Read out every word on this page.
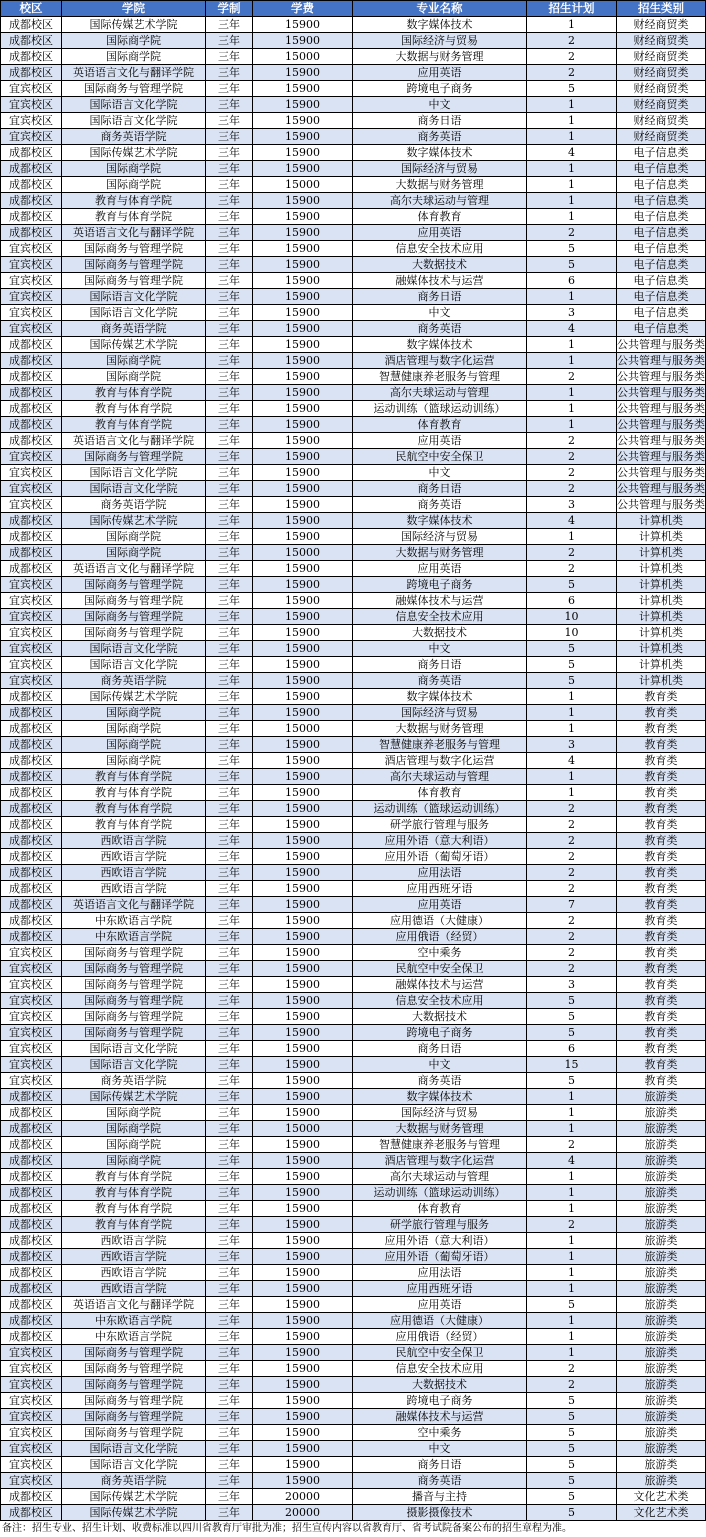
校区	学院	学制	学费	专业名称	招生计划	招生类别
成都校区	国际传媒艺术学院	三年	15900	数字媒体技术	1	财经商贸类
成都校区	国际商学院	三年	15900	国际经济与贸易	2	财经商贸类
成都校区	国际商学院	三年	15000	大数据与财务管理	2	财经商贸类
成都校区	英语语言文化与翻译学院	三年	15900	应用英语	2	财经商贸类
宜宾校区	国际商务与管理学院	三年	15900	跨境电子商务	5	财经商贸类
宜宾校区	国际语言文化学院	三年	15900	中文	1	财经商贸类
宜宾校区	国际语言文化学院	三年	15900	商务日语	1	财经商贸类
宜宾校区	商务英语学院	三年	15900	商务英语	1	财经商贸类
成都校区	国际传媒艺术学院	三年	15900	数字媒体技术	4	电子信息类
成都校区	国际商学院	三年	15900	国际经济与贸易	1	电子信息类
成都校区	国际商学院	三年	15000	大数据与财务管理	1	电子信息类
成都校区	教育与体育学院	三年	15900	高尔夫球运动与管理	1	电子信息类
成都校区	教育与体育学院	三年	15900	体育教育	1	电子信息类
成都校区	英语语言文化与翻译学院	三年	15900	应用英语	2	电子信息类
宜宾校区	国际商务与管理学院	三年	15900	信息安全技术应用	5	电子信息类
宜宾校区	国际商务与管理学院	三年	15900	大数据技术	5	电子信息类
宜宾校区	国际商务与管理学院	三年	15900	融媒体技术与运营	6	电子信息类
宜宾校区	国际语言文化学院	三年	15900	商务日语	1	电子信息类
宜宾校区	国际语言文化学院	三年	15900	中文	3	电子信息类
宜宾校区	商务英语学院	三年	15900	商务英语	4	电子信息类
成都校区	国际传媒艺术学院	三年	15900	数字媒体技术	1	公共管理与服务类
成都校区	国际商学院	三年	15900	酒店管理与数字化运营	1	公共管理与服务类
成都校区	国际商学院	三年	15900	智慧健康养老服务与管理	2	公共管理与服务类
成都校区	教育与体育学院	三年	15900	高尔夫球运动与管理	1	公共管理与服务类
成都校区	教育与体育学院	三年	15900	运动训练（篮球运动训练）	1	公共管理与服务类
成都校区	教育与体育学院	三年	15900	体育教育	1	公共管理与服务类
成都校区	英语语言文化与翻译学院	三年	15900	应用英语	2	公共管理与服务类
宜宾校区	国际商务与管理学院	三年	15900	民航空中安全保卫	2	公共管理与服务类
宜宾校区	国际语言文化学院	三年	15900	中文	2	公共管理与服务类
宜宾校区	国际语言文化学院	三年	15900	商务日语	2	公共管理与服务类
宜宾校区	商务英语学院	三年	15900	商务英语	3	公共管理与服务类
成都校区	国际传媒艺术学院	三年	15900	数字媒体技术	4	计算机类
成都校区	国际商学院	三年	15900	国际经济与贸易	1	计算机类
成都校区	国际商学院	三年	15000	大数据与财务管理	2	计算机类
成都校区	英语语言文化与翻译学院	三年	15900	应用英语	2	计算机类
宜宾校区	国际商务与管理学院	三年	15900	跨境电子商务	5	计算机类
宜宾校区	国际商务与管理学院	三年	15900	融媒体技术与运营	6	计算机类
宜宾校区	国际商务与管理学院	三年	15900	信息安全技术应用	10	计算机类
宜宾校区	国际商务与管理学院	三年	15900	大数据技术	10	计算机类
宜宾校区	国际语言文化学院	三年	15900	中文	5	计算机类
宜宾校区	国际语言文化学院	三年	15900	商务日语	5	计算机类
宜宾校区	商务英语学院	三年	15900	商务英语	5	计算机类
成都校区	国际传媒艺术学院	三年	15900	数字媒体技术	1	教育类
成都校区	国际商学院	三年	15900	国际经济与贸易	1	教育类
成都校区	国际商学院	三年	15000	大数据与财务管理	1	教育类
成都校区	国际商学院	三年	15900	智慧健康养老服务与管理	3	教育类
成都校区	国际商学院	三年	15900	酒店管理与数字化运营	4	教育类
成都校区	教育与体育学院	三年	15900	高尔夫球运动与管理	1	教育类
成都校区	教育与体育学院	三年	15900	体育教育	1	教育类
成都校区	教育与体育学院	三年	15900	运动训练（篮球运动训练）	2	教育类
成都校区	教育与体育学院	三年	15900	研学旅行管理与服务	2	教育类
成都校区	西欧语言学院	三年	15900	应用外语（意大利语）	2	教育类
成都校区	西欧语言学院	三年	15900	应用外语（葡萄牙语）	2	教育类
成都校区	西欧语言学院	三年	15900	应用法语	2	教育类
成都校区	西欧语言学院	三年	15900	应用西班牙语	2	教育类
成都校区	英语语言文化与翻译学院	三年	15900	应用英语	7	教育类
成都校区	中东欧语言学院	三年	15900	应用德语（大健康）	2	教育类
成都校区	中东欧语言学院	三年	15900	应用俄语（经贸）	2	教育类
宜宾校区	国际商务与管理学院	三年	15900	空中乘务	2	教育类
宜宾校区	国际商务与管理学院	三年	15900	民航空中安全保卫	2	教育类
宜宾校区	国际商务与管理学院	三年	15900	融媒体技术与运营	3	教育类
宜宾校区	国际商务与管理学院	三年	15900	信息安全技术应用	5	教育类
宜宾校区	国际商务与管理学院	三年	15900	大数据技术	5	教育类
宜宾校区	国际商务与管理学院	三年	15900	跨境电子商务	5	教育类
宜宾校区	国际语言文化学院	三年	15900	商务日语	6	教育类
宜宾校区	国际语言文化学院	三年	15900	中文	15	教育类
宜宾校区	商务英语学院	三年	15900	商务英语	5	教育类
成都校区	国际传媒艺术学院	三年	15900	数字媒体技术	1	旅游类
成都校区	国际商学院	三年	15900	国际经济与贸易	1	旅游类
成都校区	国际商学院	三年	15000	大数据与财务管理	1	旅游类
成都校区	国际商学院	三年	15900	智慧健康养老服务与管理	2	旅游类
成都校区	国际商学院	三年	15900	酒店管理与数字化运营	4	旅游类
成都校区	教育与体育学院	三年	15900	高尔夫球运动与管理	1	旅游类
成都校区	教育与体育学院	三年	15900	运动训练（篮球运动训练）	1	旅游类
成都校区	教育与体育学院	三年	15900	体育教育	1	旅游类
成都校区	教育与体育学院	三年	15900	研学旅行管理与服务	2	旅游类
成都校区	西欧语言学院	三年	15900	应用外语（意大利语）	1	旅游类
成都校区	西欧语言学院	三年	15900	应用外语（葡萄牙语）	1	旅游类
成都校区	西欧语言学院	三年	15900	应用法语	1	旅游类
成都校区	西欧语言学院	三年	15900	应用西班牙语	1	旅游类
成都校区	英语语言文化与翻译学院	三年	15900	应用英语	5	旅游类
成都校区	中东欧语言学院	三年	15900	应用德语（大健康）	1	旅游类
成都校区	中东欧语言学院	三年	15900	应用俄语（经贸）	1	旅游类
宜宾校区	国际商务与管理学院	三年	15900	民航空中安全保卫	1	旅游类
宜宾校区	国际商务与管理学院	三年	15900	信息安全技术应用	2	旅游类
宜宾校区	国际商务与管理学院	三年	15900	大数据技术	2	旅游类
宜宾校区	国际商务与管理学院	三年	15900	跨境电子商务	5	旅游类
宜宾校区	国际商务与管理学院	三年	15900	融媒体技术与运营	5	旅游类
宜宾校区	国际商务与管理学院	三年	15900	空中乘务	5	旅游类
宜宾校区	国际语言文化学院	三年	15900	中文	5	旅游类
宜宾校区	国际语言文化学院	三年	15900	商务日语	5	旅游类
宜宾校区	商务英语学院	三年	15900	商务英语	5	旅游类
成都校区	国际传媒艺术学院	三年	20000	播音与主持	5	文化艺术类
成都校区	国际传媒艺术学院	三年	20000	摄影摄像技术	5	文化艺术类
备注：招生专业、招生计划、收费标准以四川省教育厅审批为准；招生宣传内容以省教育厅、省考试院备案公布的招生章程为准。
